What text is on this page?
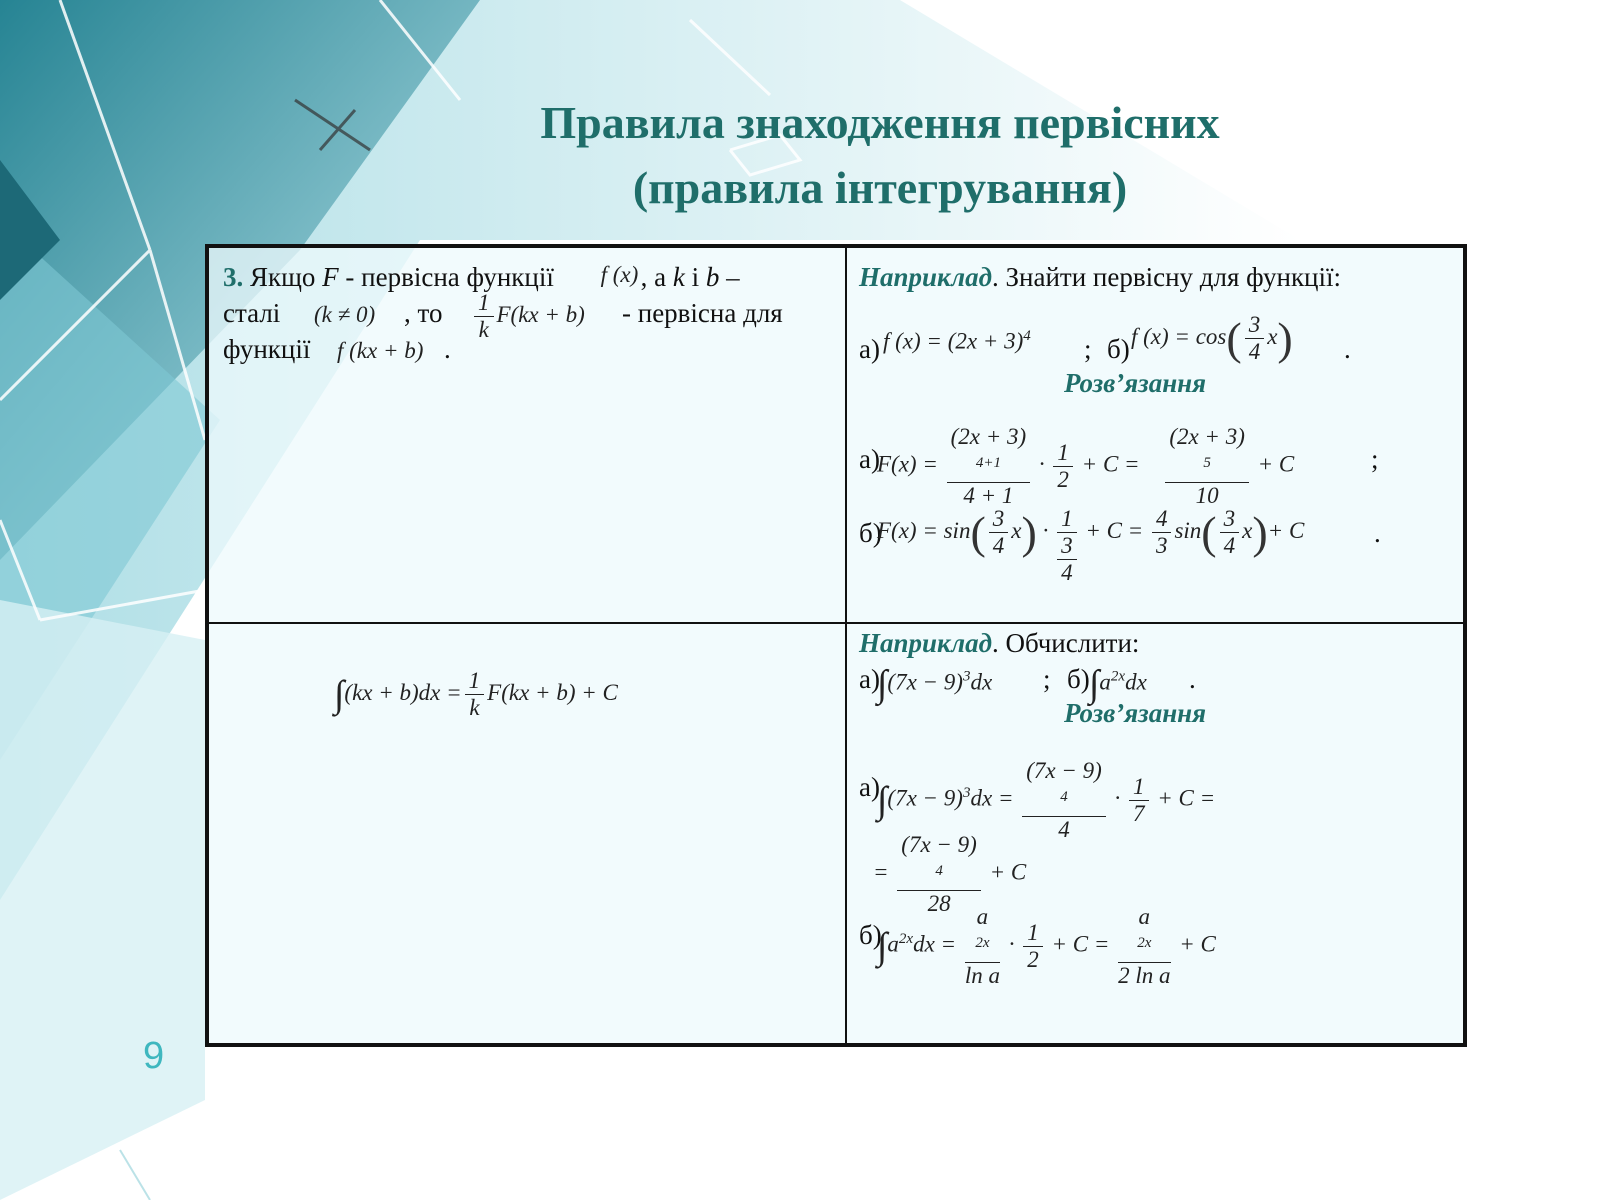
Правила знаходження первісних
(правила інтегрування)
9
3. Якщо F - первісна функції f (x) , а k і b –
сталі (k ≠ 0) , то $\frac{1}{k} F(kx + b)$ - первісна для
функції f (kx + b) .
Наприклад. Знайти первісну для функції:
а) f $(x) = (2x + 3)^4$ ; б) f $(x) = \cos( \frac{3}{4} x)$ .
Розв’язання
а)
F(x) = (2x + 3)
$^{4+1}$
$4 + 1 \cdot \frac{1}{2} + C = (2x + 3)$
$^5$
10 + C	;
б)
$F(x) = \sin( \frac{3}{4} x) \cdot 1$
3
4
+ $C = \frac{4}{3} \sin( \frac{3}{4} x)+ C$	.
$\int(kx + b)dx = \frac{1}{k} F(kx + b) + C$
Наприклад. Обчислити:
а)
$\int(7x - 9)^3dx$ ; б) $\int a^{2x}dx$ .
Розв’язання
а)
$\int(7x - 9)^3dx = (7x - 9)$
$^4$
$4 \cdot \frac{1}{7} + C$ =
= (7x − 9)
$^4$
28 + C
б)
$\int a^{2x}dx = a$
$^{2x}$
$\ln a \cdot \frac{1}{2} + C = a$
$^{2x}$
2 ln a + C
